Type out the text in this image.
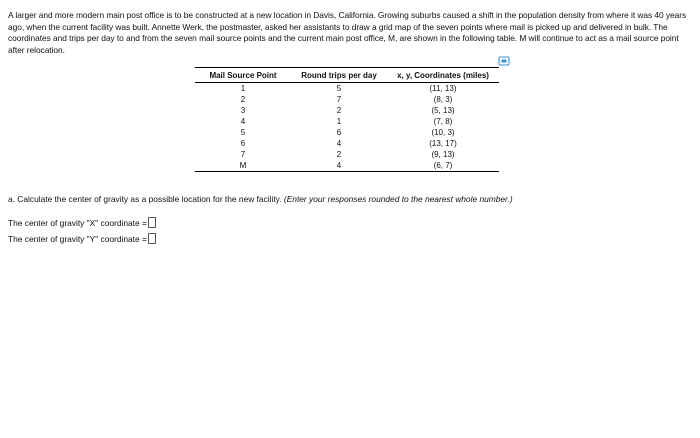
A larger and more modern main post office is to be constructed at a new location in Davis, California. Growing suburbs caused a shift in the population density from where it was 40 years ago, when the current facility was built. Annette Werk, the postmaster, asked her assistants to draw a grid map of the seven points where mail is picked up and delivered in bulk. The coordinates and trips per day to and from the seven mail source points and the current main post office, M, are shown in the following table. M will continue to act as a mail source point after relocation.
Mail Source Point	Round trips per day	x, y, Coordinates (miles)
1	5	(11, 13)
2	7	(8, 3)
3	2	(5, 13)
4	1	(7, 8)
5	6	(10, 3)
6	4	(13, 17)
7	2	(9, 13)
M	4	(6, 7)
a. Calculate the center of gravity as a possible location for the new facility. (Enter your responses rounded to the nearest whole number.)
The center of gravity "X" coordinate =
The center of gravity "Y" coordinate =
